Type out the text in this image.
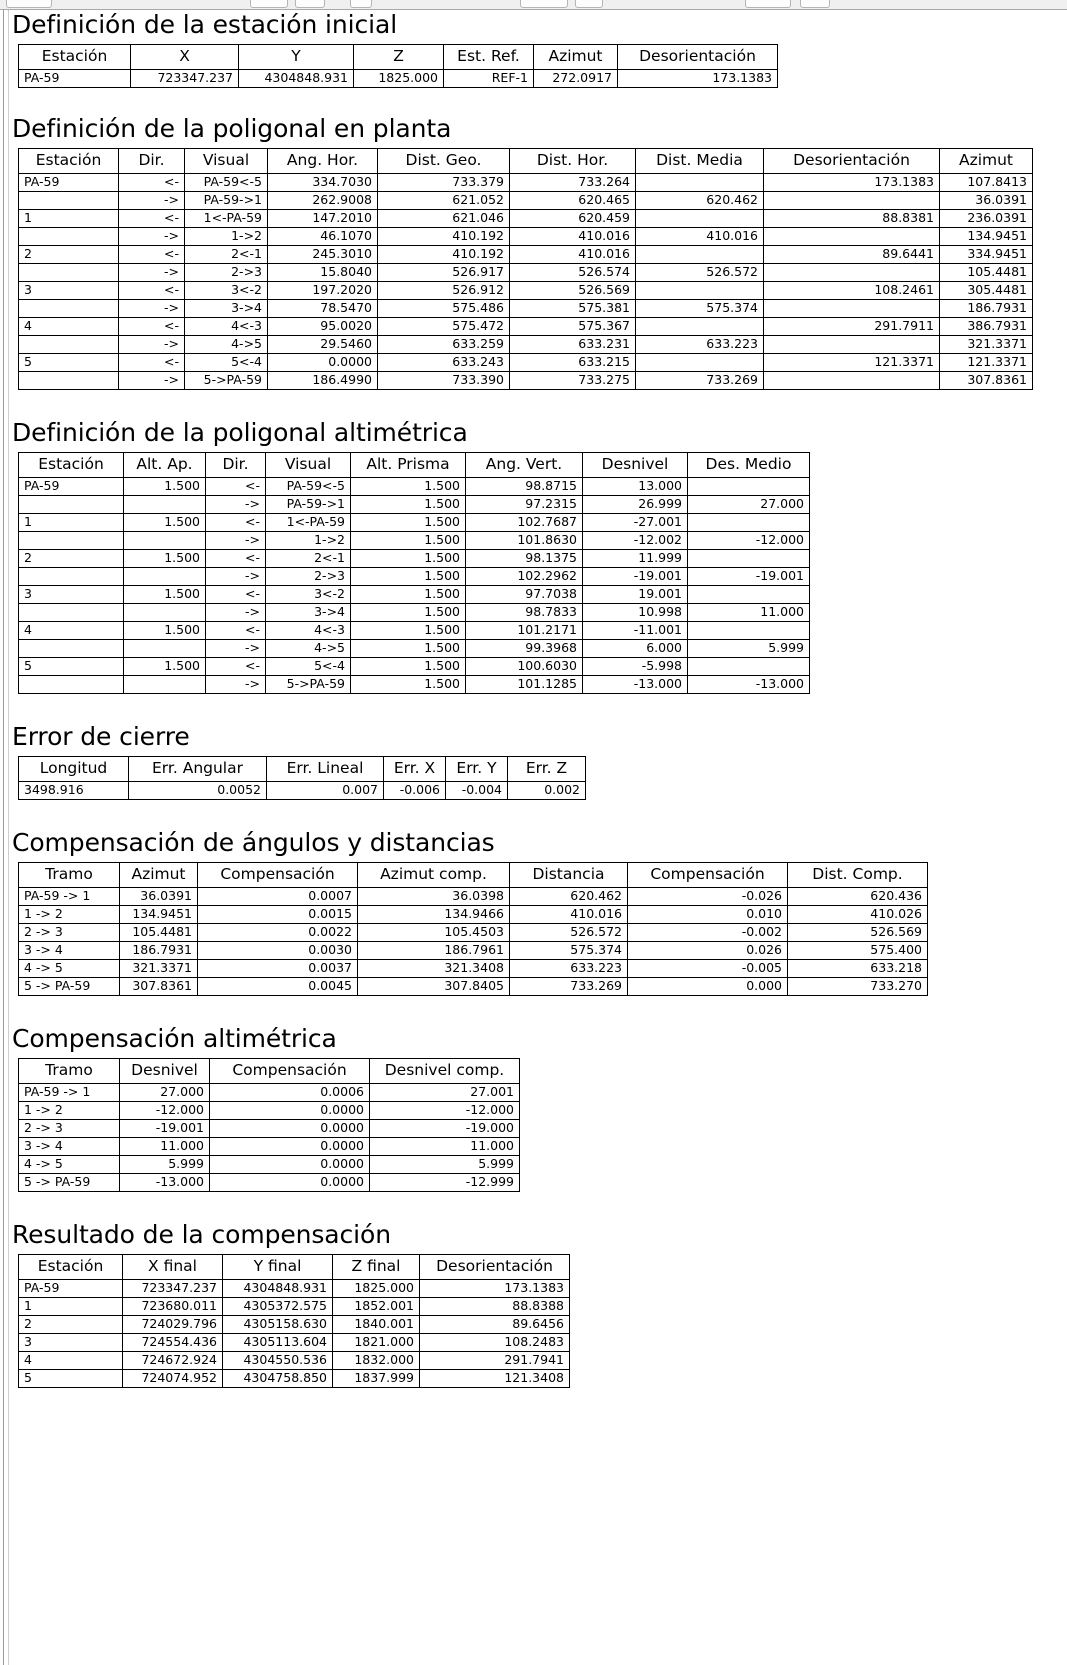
Definición de la estación inicial
Estación	X	Y	Z	Est. Ref.	Azimut	Desorientación
PA-59	723347.237	4304848.931	1825.000	REF-1	272.0917	173.1383
Definición de la poligonal en planta
Estación	Dir.	Visual	Ang. Hor.	Dist. Geo.	Dist. Hor.	Dist. Media	Desorientación	Azimut
PA-59	<-	PA-59<-5	334.7030	733.379	733.264		173.1383	107.8413
	->	PA-59->1	262.9008	621.052	620.465	620.462		36.0391
1	<-	1<-PA-59	147.2010	621.046	620.459		88.8381	236.0391
	->	1->2	46.1070	410.192	410.016	410.016		134.9451
2	<-	2<-1	245.3010	410.192	410.016		89.6441	334.9451
	->	2->3	15.8040	526.917	526.574	526.572		105.4481
3	<-	3<-2	197.2020	526.912	526.569		108.2461	305.4481
	->	3->4	78.5470	575.486	575.381	575.374		186.7931
4	<-	4<-3	95.0020	575.472	575.367		291.7911	386.7931
	->	4->5	29.5460	633.259	633.231	633.223		321.3371
5	<-	5<-4	0.0000	633.243	633.215		121.3371	121.3371
	->	5->PA-59	186.4990	733.390	733.275	733.269		307.8361
Definición de la poligonal altimétrica
Estación	Alt. Ap.	Dir.	Visual	Alt. Prisma	Ang. Vert.	Desnivel	Des. Medio
PA-59	1.500	<-	PA-59<-5	1.500	98.8715	13.000	
		->	PA-59->1	1.500	97.2315	26.999	27.000
1	1.500	<-	1<-PA-59	1.500	102.7687	-27.001	
		->	1->2	1.500	101.8630	-12.002	-12.000
2	1.500	<-	2<-1	1.500	98.1375	11.999	
		->	2->3	1.500	102.2962	-19.001	-19.001
3	1.500	<-	3<-2	1.500	97.7038	19.001	
		->	3->4	1.500	98.7833	10.998	11.000
4	1.500	<-	4<-3	1.500	101.2171	-11.001	
		->	4->5	1.500	99.3968	6.000	5.999
5	1.500	<-	5<-4	1.500	100.6030	-5.998	
		->	5->PA-59	1.500	101.1285	-13.000	-13.000
Error de cierre
Longitud	Err. Angular	Err. Lineal	Err. X	Err. Y	Err. Z
3498.916	0.0052	0.007	-0.006	-0.004	0.002
Compensación de ángulos y distancias
Tramo	Azimut	Compensación	Azimut comp.	Distancia	Compensación	Dist. Comp.
PA-59 -> 1	36.0391	0.0007	36.0398	620.462	-0.026	620.436
1 -> 2	134.9451	0.0015	134.9466	410.016	0.010	410.026
2 -> 3	105.4481	0.0022	105.4503	526.572	-0.002	526.569
3 -> 4	186.7931	0.0030	186.7961	575.374	0.026	575.400
4 -> 5	321.3371	0.0037	321.3408	633.223	-0.005	633.218
5 -> PA-59	307.8361	0.0045	307.8405	733.269	0.000	733.270
Compensación altimétrica
Tramo	Desnivel	Compensación	Desnivel comp.
PA-59 -> 1	27.000	0.0006	27.001
1 -> 2	-12.000	0.0000	-12.000
2 -> 3	-19.001	0.0000	-19.000
3 -> 4	11.000	0.0000	11.000
4 -> 5	5.999	0.0000	5.999
5 -> PA-59	-13.000	0.0000	-12.999
Resultado de la compensación
Estación	X final	Y final	Z final	Desorientación
PA-59	723347.237	4304848.931	1825.000	173.1383
1	723680.011	4305372.575	1852.001	88.8388
2	724029.796	4305158.630	1840.001	89.6456
3	724554.436	4305113.604	1821.000	108.2483
4	724672.924	4304550.536	1832.000	291.7941
5	724074.952	4304758.850	1837.999	121.3408
